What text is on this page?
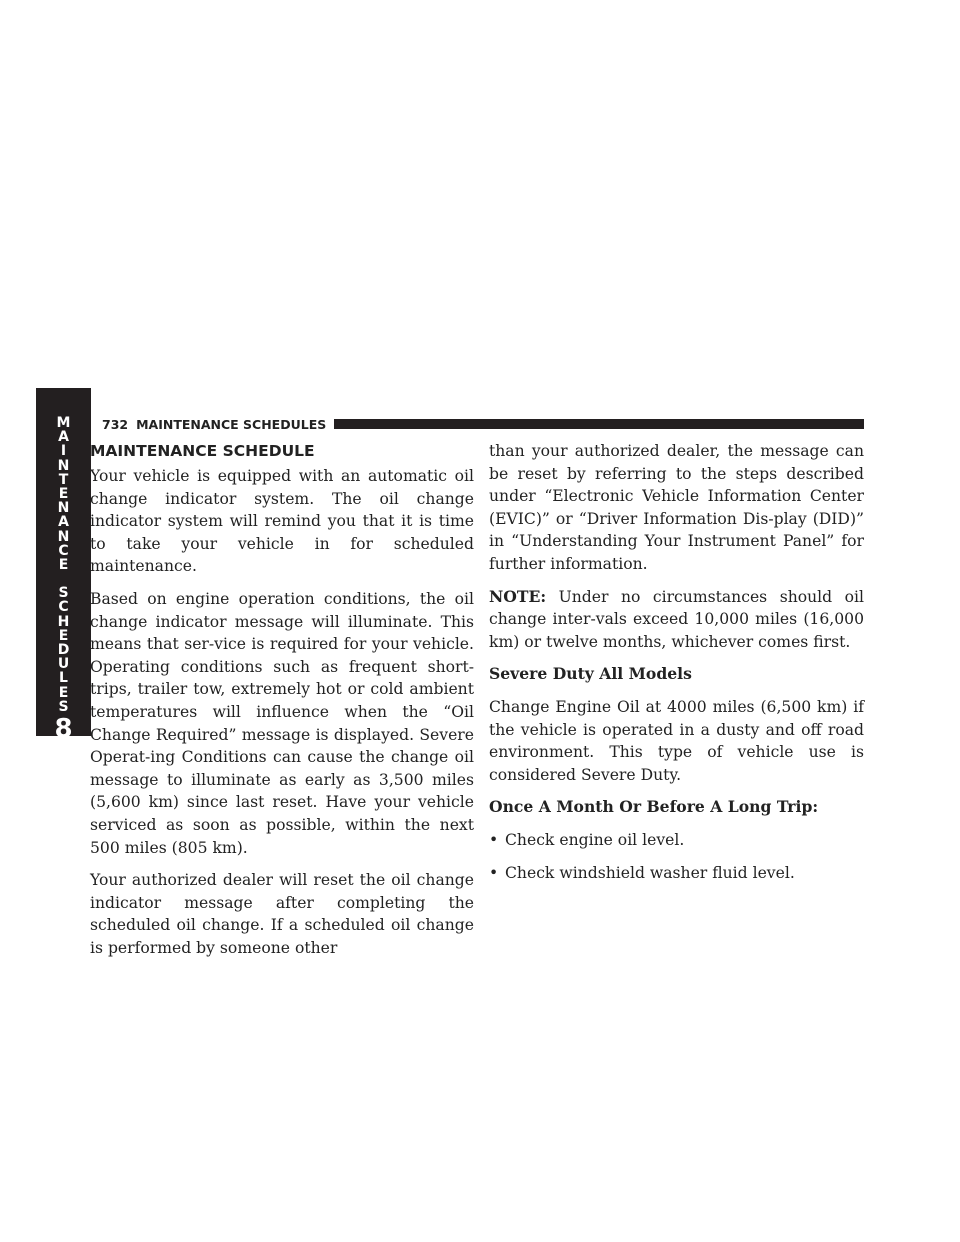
M
A
I
N
T
E
N
A
N
C
E
S
C
H
E
D
U
L
E
S
8
732 MAINTENANCE SCHEDULES
MAINTENANCE SCHEDULE

Your vehicle is equipped with an automatic oil change indicator system. The oil change indicator system will remind you that it is time to take your vehicle in for scheduled maintenance.

Based on engine operation conditions, the oil change indicator message will illuminate. This means that ser-vice is required for your vehicle. Operating conditions such as frequent short-trips, trailer tow, extremely hot or cold ambient temperatures will influence when the “Oil Change Required” message is displayed. Severe Operat-ing Conditions can cause the change oil message to illuminate as early as 3,500 miles (5,600 km) since last reset. Have your vehicle serviced as soon as possible, within the next 500 miles (805 km).

Your authorized dealer will reset the oil change indicator message after completing the scheduled oil change. If a scheduled oil change is performed by someone other

than your authorized dealer, the message can be reset by referring to the steps described under “Electronic Vehicle Information Center (EVIC)” or “Driver Information Dis-play (DID)” in “Understanding Your Instrument Panel” for further information.

NOTE: Under no circumstances should oil change inter-vals exceed 10,000 miles (16,000 km) or twelve months, whichever comes first.

Severe Duty All Models

Change Engine Oil at 4000 miles (6,500 km) if the vehicle is operated in a dusty and off road environment. This type of vehicle use is considered Severe Duty.

Once A Month Or Before A Long Trip:

• Check engine oil level.
• Check windshield washer fluid level.
